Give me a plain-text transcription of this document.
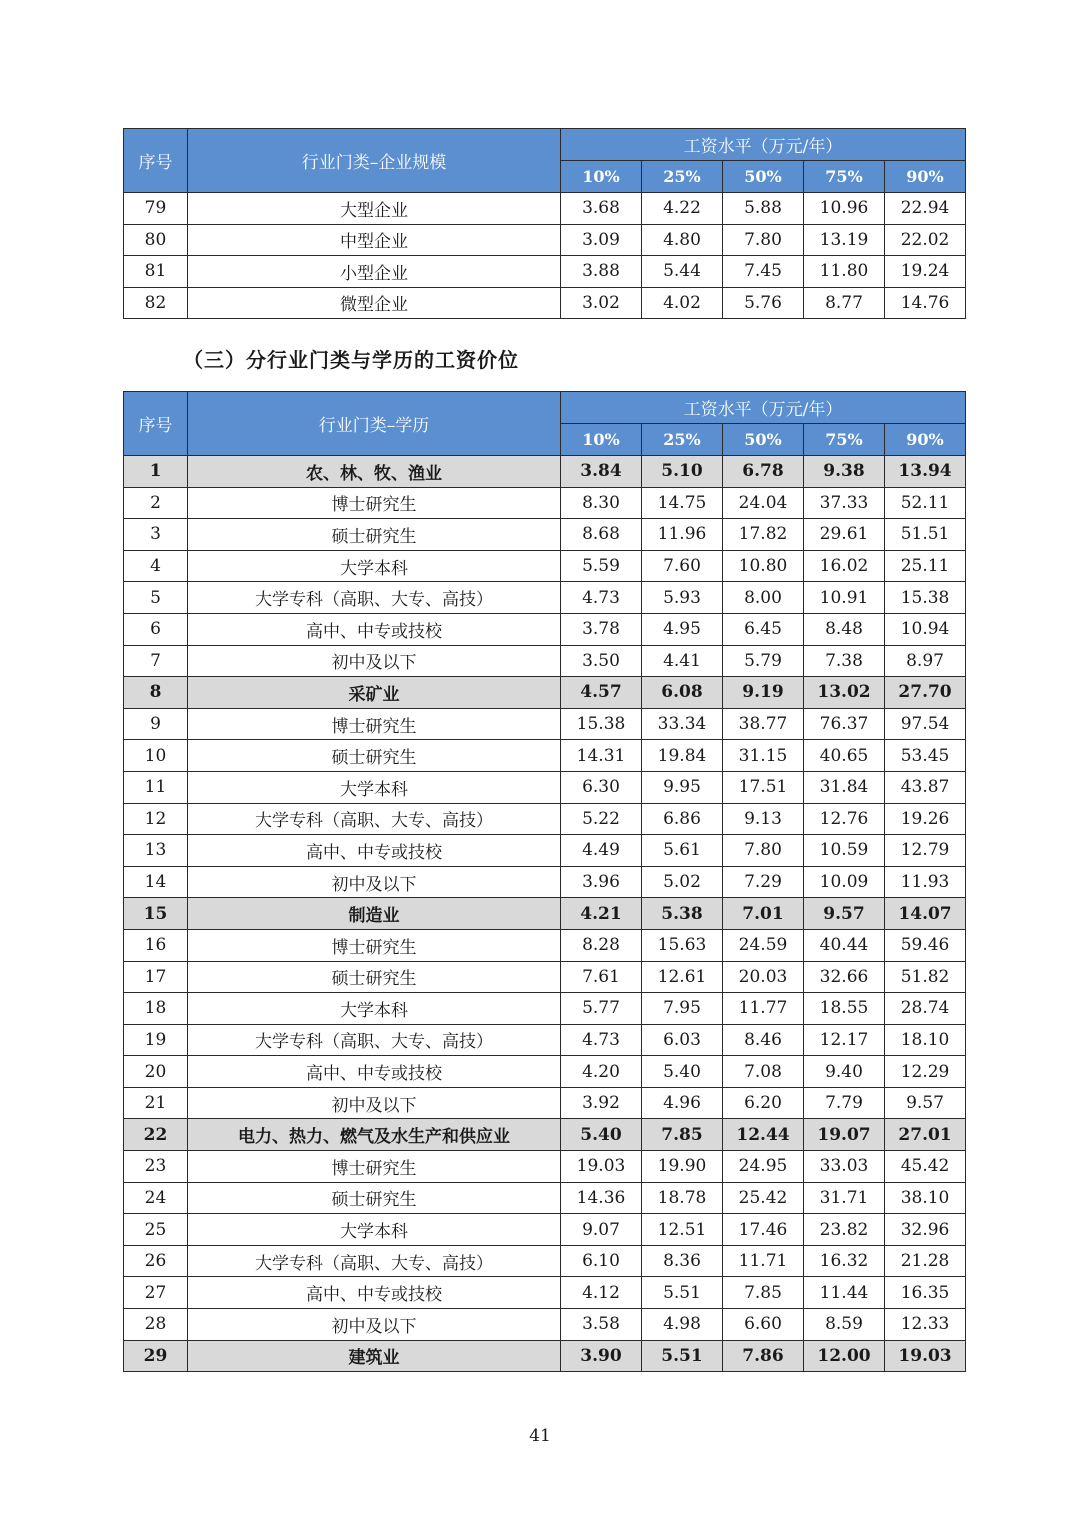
序号	行业门类–企业规模	工资水平（万元/年）				
		10%	25%	50%	75%	90%
79	大型企业	3.68	4.22	5.88	10.96	22.94
80	中型企业	3.09	4.80	7.80	13.19	22.02
81	小型企业	3.88	5.44	7.45	11.80	19.24
82	微型企业	3.02	4.02	5.76	8.77	14.76
（三）分行业门类与学历的工资价位
序号	行业门类–学历	工资水平（万元/年）				
		10%	25%	50%	75%	90%
1	农、林、牧、渔业	3.84	5.10	6.78	9.38	13.94
2	博士研究生	8.30	14.75	24.04	37.33	52.11
3	硕士研究生	8.68	11.96	17.82	29.61	51.51
4	大学本科	5.59	7.60	10.80	16.02	25.11
5	大学专科（高职、大专、高技）	4.73	5.93	8.00	10.91	15.38
6	高中、中专或技校	3.78	4.95	6.45	8.48	10.94
7	初中及以下	3.50	4.41	5.79	7.38	8.97
8	采矿业	4.57	6.08	9.19	13.02	27.70
9	博士研究生	15.38	33.34	38.77	76.37	97.54
10	硕士研究生	14.31	19.84	31.15	40.65	53.45
11	大学本科	6.30	9.95	17.51	31.84	43.87
12	大学专科（高职、大专、高技）	5.22	6.86	9.13	12.76	19.26
13	高中、中专或技校	4.49	5.61	7.80	10.59	12.79
14	初中及以下	3.96	5.02	7.29	10.09	11.93
15	制造业	4.21	5.38	7.01	9.57	14.07
16	博士研究生	8.28	15.63	24.59	40.44	59.46
17	硕士研究生	7.61	12.61	20.03	32.66	51.82
18	大学本科	5.77	7.95	11.77	18.55	28.74
19	大学专科（高职、大专、高技）	4.73	6.03	8.46	12.17	18.10
20	高中、中专或技校	4.20	5.40	7.08	9.40	12.29
21	初中及以下	3.92	4.96	6.20	7.79	9.57
22	电力、热力、燃气及水生产和供应业	5.40	7.85	12.44	19.07	27.01
23	博士研究生	19.03	19.90	24.95	33.03	45.42
24	硕士研究生	14.36	18.78	25.42	31.71	38.10
25	大学本科	9.07	12.51	17.46	23.82	32.96
26	大学专科（高职、大专、高技）	6.10	8.36	11.71	16.32	21.28
27	高中、中专或技校	4.12	5.51	7.85	11.44	16.35
28	初中及以下	3.58	4.98	6.60	8.59	12.33
29	建筑业	3.90	5.51	7.86	12.00	19.03
41
